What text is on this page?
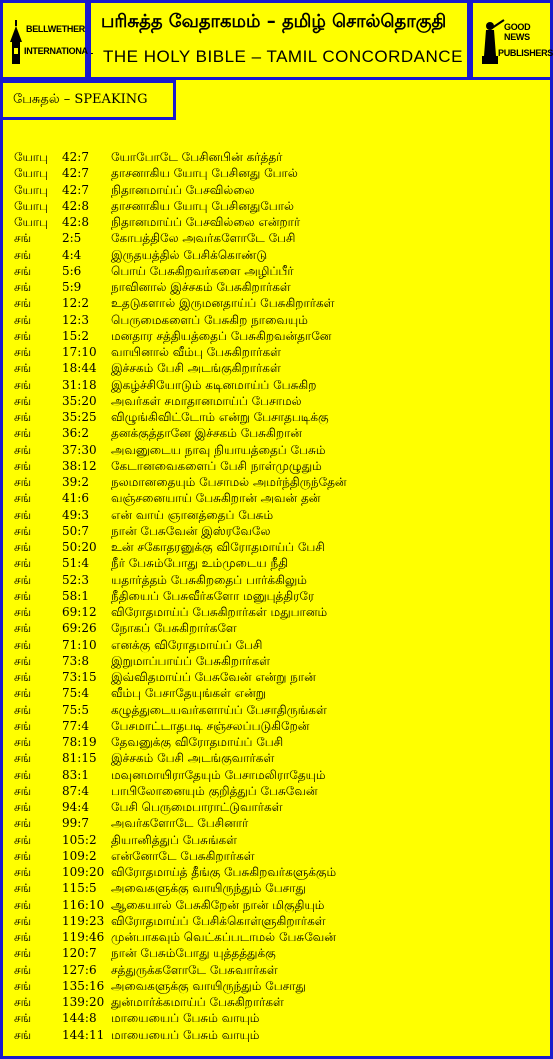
BELLWETHER
INTERNATIONAL
பரிசுத்த வேதாகமம் – தமிழ் சொல்தொகுதி
THE HOLY BIBLE – TAMIL CONCORDANCE
GOOD NEWS
PUBLISHERS
பேசுதல் – SPEAKING
யோபு 42:7 யோபோடே பேசினபின் கர்த்தர்
யோபு 42:7 தாசனாகிய யோபு பேசினது போல்
யோபு 42:7 நிதானமாய்ப் பேசவில்லை
யோபு 42:8 தாசனாகிய யோபு பேசினதுபோல்
யோபு 42:8 நிதானமாய்ப் பேசவில்லை என்றார்
சங்	2:5 கோபத்திலே அவர்களோடே பேசி
சங்	4:4 இருதயத்தில் பேசிக்கொண்டு
சங்	5:6 பொய் பேசுகிறவர்களை அழிப்பீர்
சங்	5:9 நாவினால் இச்சகம் பேசுகிறார்கள்
சங்	12:2 உதடுகளால் இருமனதாய்ப் பேசுகிறார்கள்
சங்	12:3 பெருமைகளைப் பேசுகிற நாவையும்
சங்	15:2 மனதார சத்தியத்தைப் பேசுகிறவன்தானே
சங்	17:10 வாயினால் வீம்பு பேசுகிறார்கள்
சங்	18:44 இச்சகம் பேசி அடங்குகிறார்கள்
சங்	31:18 இகழ்ச்சியோடும் கடினமாய்ப் பேசுகிற
சங்	35:20 அவர்கள் சமாதானமாய்ப் பேசாமல்
சங்	35:25 விழுங்கிவிட்டோம் என்று பேசாதபடிக்கு
சங்	36:2 தனக்குத்தானே இச்சகம் பேசுகிறான்
சங்	37:30 அவனுடைய நாவு நியாயத்தைப் பேசும்
சங்	38:12 கேடானவைகளைப் பேசி நாள்முழுதும்
சங்	39:2 நலமானதையும் பேசாமல் அமர்ந்திருந்தேன்
சங்	41:6 வஞ்சனையாய் பேசுகிறான் அவன் தன்
சங்	49:3 என் வாய் ஞானத்தைப் பேசும்
சங்	50:7 நான் பேசுவேன் இஸ்ரவேலே
சங்	50:20 உன் சகோதரனுக்கு விரோதமாய்ப் பேசி
சங்	51:4 நீர் பேசும்போது உம்முடைய நீதி
சங்	52:3 யதார்த்தம் பேசுகிறதைப் பார்க்கிலும்
சங்	58:1 நீதியைப் பேசுவீர்களோ மனுபுத்திரரே
சங்	69:12 விரோதமாய்ப் பேசுகிறார்கள் மதுபானம்
சங்	69:26 நோகப் பேசுகிறார்களே
சங்	71:10 எனக்கு விரோதமாய்ப் பேசி
சங்	73:8 இறுமாப்பாய்ப் பேசுகிறார்கள்
சங்	73:15 இவ்விதமாய்ப் பேசுவேன் என்று நான்
சங்	75:4 வீம்பு பேசாதேயுங்கள் என்று
சங்	75:5 கழுத்துடையவர்களாய்ப் பேசாதிருங்கள்
சங்	77:4 பேசமாட்டாதபடி சஞ்சலப்படுகிறேன்
சங்	78:19 தேவனுக்கு விரோதமாய்ப் பேசி
சங்	81:15 இச்சகம் பேசி அடங்குவார்கள்
சங்	83:1 மவுனமாயிராதேயும் பேசாமலிராதேயும்
சங்	87:4 பாபிலோனையும் குறித்துப் பேசுவேன்
சங்	94:4 பேசி பெருமைபாராட்டுவார்கள்
சங்	99:7 அவர்களோடே பேசினார்
சங்	105:2 தியானித்துப் பேசுங்கள்
சங்	109:2 என்னோடே பேசுகிறார்கள்
சங்	109:20 விரோதமாய்த் தீங்கு பேசுகிறவர்களுக்கும்
சங்	115:5 அவைகளுக்கு வாயிருந்தும் பேசாது
சங்	116:10 ஆகையால் பேசுகிறேன் நான் மிகுதியும்
சங்	119:23 விரோதமாய்ப் பேசிக்கொள்ளுகிறார்கள்
சங்	119:46 முன்பாகவும் வெட்கப்படாமல் பேசுவேன்
சங்	120:7 நான் பேசும்போது யுத்தத்துக்கு
சங்	127:6 சத்துருக்களோடே பேசுவார்கள்
சங்	135:16 அவைகளுக்கு வாயிருந்தும் பேசாது
சங்	139:20 துன்மார்க்கமாய்ப் பேசுகிறார்கள்
சங்	144:8 மாயையைப் பேசும் வாயும்
சங்	144:11 மாயையைப் பேசும் வாயும்
